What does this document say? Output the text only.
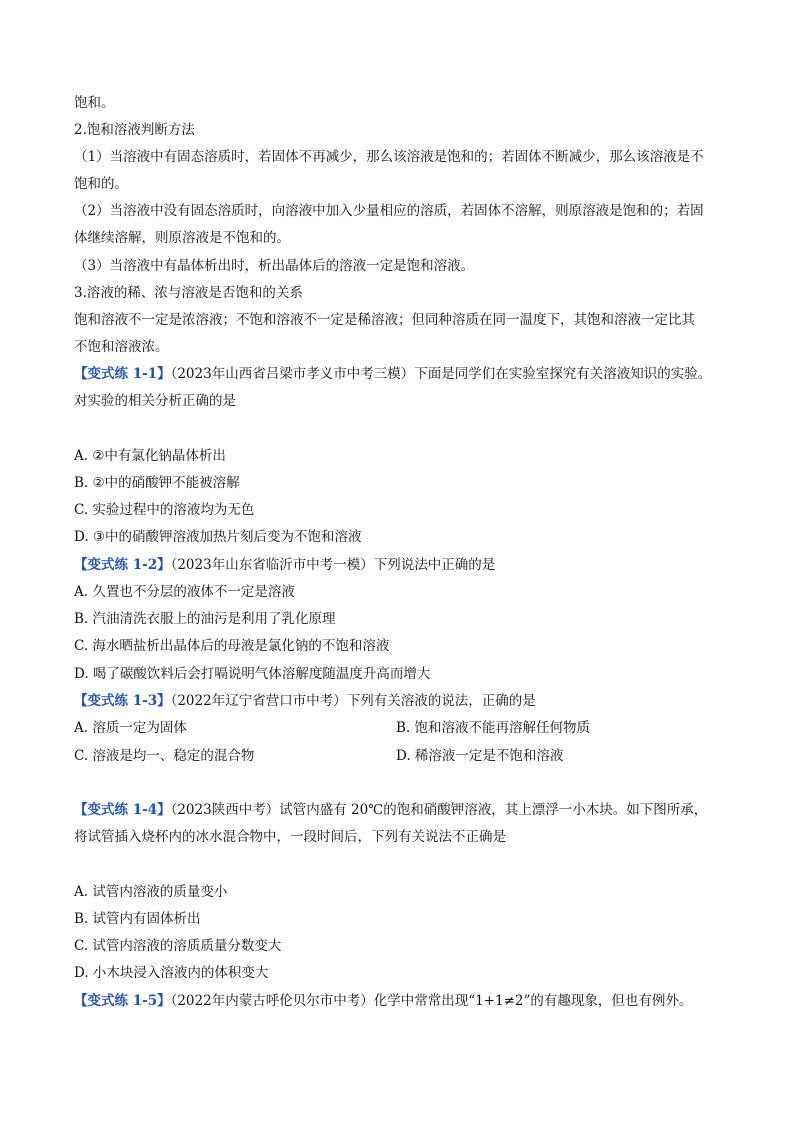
饱和。
2.饱和溶液判断方法
（1）当溶液中有固态溶质时，若固体不再减少，那么该溶液是饱和的；若固体不断减少，那么该溶液是不
饱和的。
（2）当溶液中没有固态溶质时，向溶液中加入少量相应的溶质，若固体不溶解，则原溶液是饱和的；若固
体继续溶解，则原溶液是不饱和的。
（3）当溶液中有晶体析出时，析出晶体后的溶液一定是饱和溶液。
3.溶液的稀、浓与溶液是否饱和的关系
饱和溶液不一定是浓溶液；不饱和溶液不一定是稀溶液；但同种溶质在同一温度下，其饱和溶液一定比其
不饱和溶液浓。
【变式练 1-1】（2023年山西省吕梁市孝义市中考三模）下面是同学们在实验室探究有关溶液知识的实验。
对实验的相关分析正确的是
A. ②中有氯化钠晶体析出
B. ②中的硝酸钾不能被溶解
C. 实验过程中的溶液均为无色
D. ③中的硝酸钾溶液加热片刻后变为不饱和溶液
【变式练 1-2】（2023年山东省临沂市中考一模）下列说法中正确的是
A. 久置也不分层的液体不一定是溶液
B. 汽油清洗衣服上的油污是利用了乳化原理
C. 海水晒盐析出晶体后的母液是氯化钠的不饱和溶液
D. 喝了碳酸饮料后会打嗝说明气体溶解度随温度升高而增大
【变式练 1-3】（2022年辽宁省营口市中考）下列有关溶液的说法，正确的是
A. 溶质一定为固体	B. 饱和溶液不能再溶解任何物质
C. 溶液是均一、稳定的混合物	D. 稀溶液一定是不饱和溶液
【变式练 1-4】（2023陕西中考）试管内盛有 20℃的饱和硝酸钾溶液，其上漂浮一小木块。如下图所承，
将试管插入烧杯内的冰水混合物中，一段时间后，下列有关说法不正确是
A. 试管内溶液的质量变小
B. 试管内有固体析出
C. 试管内溶液的溶质质量分数变大
D. 小木块浸入溶液内的体积变大
【变式练 1-5】（2022年内蒙古呼伦贝尔市中考）化学中常常出现“1+1≠2”的有趣现象，但也有例外。
